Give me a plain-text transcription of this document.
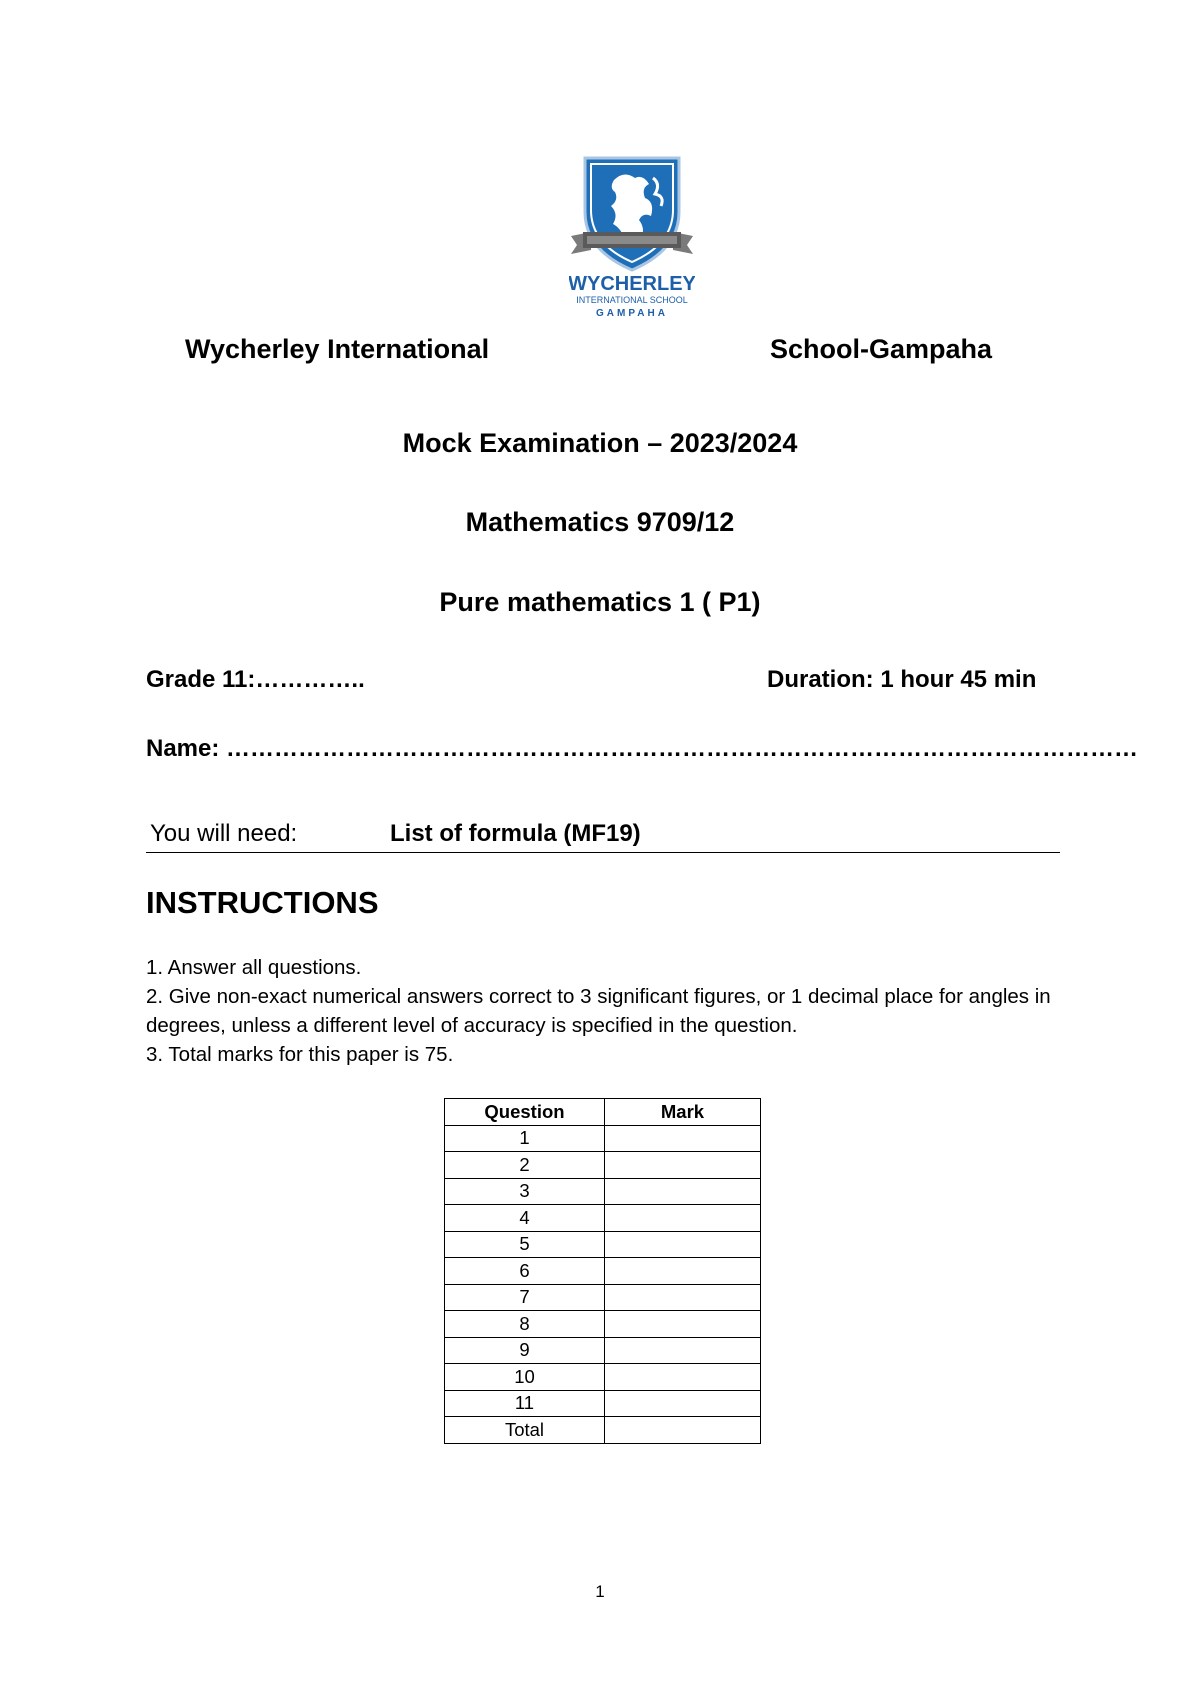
WYCHERLEY
INTERNATIONAL SCHOOL
GAMPAHA
Wycherley International	School-Gampaha
Mock Examination – 2023/2024
Mathematics 9709/12
Pure mathematics 1 ( P1)
Grade 11:…………..	Duration: 1 hour 45 min
Name: ……………………………………………………………………………………………………
You will need:	List of formula (MF19)
INSTRUCTIONS
1. Answer all questions.
2. Give non-exact numerical answers correct to 3 significant figures, or 1 decimal place for angles in degrees, unless a different level of accuracy is specified in the question.
3. Total marks for this paper is 75.
Question	Mark
1	
2	
3	
4	
5	
6	
7	
8	
9	
10	
11	
Total	
1
